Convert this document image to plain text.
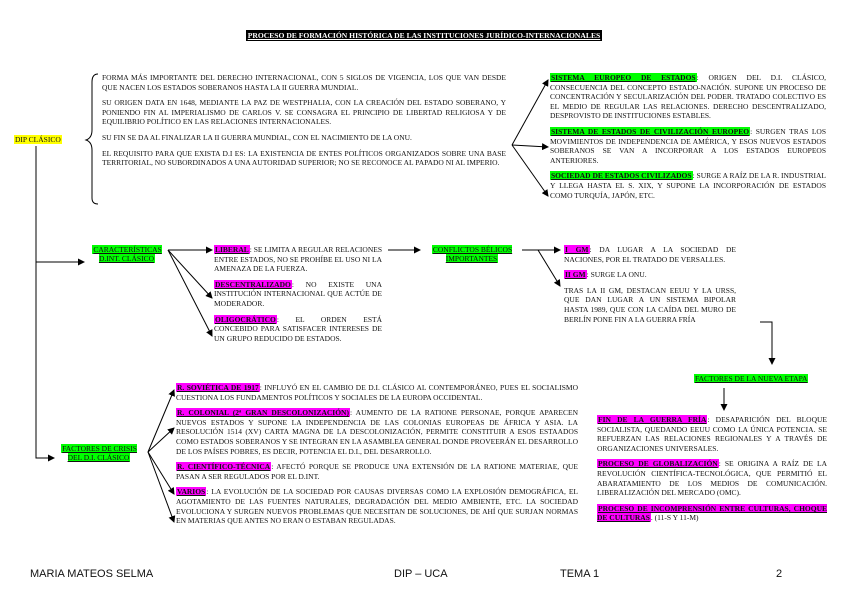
PROCESO DE FORMACIÓN HISTÓRICA DE LAS INSTITUCIONES JURÍDICO-INTERNACIONALES
DIP CLÁSICO

FORMA MÁS IMPORTANTE DEL DERECHO INTERNACIONAL, CON 5 SIGLOS DE VIGENCIA, LOS QUE VAN DESDE QUE NACEN LOS ESTADOS SOBERANOS HASTA LA II GUERRA MUNDIAL.

SU ORIGEN DATA EN 1648, MEDIANTE LA PAZ DE WESTPHALIA, CON LA CREACIÓN DEL ESTADO SOBERANO, Y PONIENDO FIN AL IMPERIALISMO DE CARLOS V. SE CONSAGRA EL PRINCIPIO DE LIBERTAD RELIGIOSA Y DE EQUILIBRIO POLÍTICO EN LAS RELACIONES INTERNACIONALES.

SU FIN SE DA AL FINALIZAR LA II GUERRA MUNDIAL, CON EL NACIMIENTO DE LA ONU.

EL REQUISITO PARA QUE EXISTA D.I ES: LA EXISTENCIA DE ENTES POLÍTICOS ORGANIZADOS SOBRE UNA BASE TERRITORIAL, NO SUBORDINADOS A UNA AUTORIDAD SUPERIOR; NO SE RECONOCE AL PAPADO NI AL IMPERIO.

SISTEMA EUROPEO DE ESTADOS: ORIGEN DEL D.I. CLÁSICO, CONSECUENCIA DEL CONCEPTO ESTADO-NACIÓN. SUPONE UN PROCESO DE CONCENTRACIÓN Y SECULARIZACIÓN DEL PODER. TRATADO COLECTIVO ES EL MEDIO DE REGULAR LAS RELACIONES. DERECHO DESCENTRALIZADO, DESPROVISTO DE INSTITUCIONES ESTABLES.

SISTEMA DE ESTADOS DE CIVILIZACIÓN EUROPEO: SURGEN TRAS LOS MOVIMIENTOS DE INDEPENDENCIA DE AMÉRICA, Y ESOS NUEVOS ESTADOS SOBERANOS SE VAN A INCORPORAR A LOS ESTADOS EUROPEOS ANTERIORES.

SOCIEDAD DE ESTADOS CIVILIZADOS: SURGE A RAÍZ DE LA R. INDUSTRIAL Y LLEGA HASTA EL S. XIX, Y SUPONE LA INCORPORACIÓN DE ESTADOS COMO TURQUÍA, JAPÓN, ETC.

CARACTERÍSTICAS D.INT. CLÁSICO

LIBERAL: SE LIMITA A REGULAR RELACIONES ENTRE ESTADOS, NO SE PROHÍBE EL USO NI LA AMENAZA DE LA FUERZA.

DESCENTRALIZADO: NO EXISTE UNA INSTITUCIÓN INTERNACIONAL QUE ACTÚE DE MODERADOR.

OLIGOCRÁTICO: EL ORDEN ESTÁ CONCEBIDO PARA SATISFACER INTERESES DE UN GRUPO REDUCIDO DE ESTADOS.

CONFLICTOS BÉLICOS IMPORTANTES

I GM: DA LUGAR A LA SOCIEDAD DE NACIONES, POR EL TRATADO DE VERSALLES.

II GM: SURGE LA ONU.

TRAS LA II GM, DESTACAN EEUU Y LA URSS, QUE DAN LUGAR A UN SISTEMA BIPOLAR HASTA 1989, QUE CON LA CAÍDA DEL MURO DE BERLÍN PONE FIN A LA GUERRA FRÍA

FACTORES DE LA NUEVA ETAPA

FIN DE LA GUERRA FRÍA: DESAPARICIÓN DEL BLOQUE SOCIALISTA, QUEDANDO EEUU COMO LA ÚNICA POTENCIA. SE REFUERZAN LAS RELACIONES REGIONALES Y A TRAVÉS DE ORGANIZACIONES UNIVERSALES.

PROCESO DE GLOBALIZACIÓN: SE ORIGINA A RAÍZ DE LA REVOLUCIÓN CIENTÍFICA-TECNOLÓGICA, QUE PERMITIÓ EL ABARATAMIENTO DE LOS MEDIOS DE COMUNICACIÓN. LIBERALIZACIÓN DEL MERCADO (OMC).

PROCESO DE INCOMPRENSIÓN ENTRE CULTURAS, CHOQUE DE CULTURAS. (11-S Y 11-M)

FACTORES DE CRISIS DEL D.I. CLÁSICO

R. SOVIÉTICA DE 1917: INFLUYÓ EN EL CAMBIO DE D.I. CLÁSICO AL CONTEMPORÁNEO, PUES EL SOCIALISMO CUESTIONA LOS FUNDAMENTOS POLÍTICOS Y SOCIALES DE LA EUROPA OCCIDENTAL.

R. COLONIAL (2ª GRAN DESCOLONIZACIÓN): AUMENTO DE LA RATIONE PERSONAE, PORQUE APARECEN NUEVOS ESTADOS Y SUPONE LA INDEPENDENCIA DE LAS COLONIAS EUROPEAS DE ÁFRICA Y ASIA. LA RESOLUCIÓN 1514 (XV) CARTA MAGNA DE LA DESCOLONIZACIÓN, PERMITE CONSTITUIR A ESOS ESTAADOS COMO ESTADOS SOBERANOS Y SE INTEGRAN EN LA ASAMBLEA GENERAL DONDE PROVEERÁN EL DESARROLLO DE LOS PAÍSES POBRES, ES DECIR, POTENCIA EL D.I., DEL DESARROLLO.

R. CIENTÍFICO-TÉCNICA: AFECTÓ PORQUE SE PRODUCE UNA EXTENSIÓN DE LA RATIONE MATERIAE, QUE PASAN A SER REGULADOS POR EL D.INT.

VARIOS: LA EVOLUCIÓN DE LA SOCIEDAD POR CAUSAS DIVERSAS COMO LA EXPLOSIÓN DEMOGRÁFICA, EL AGOTAMIENTO DE LAS FUENTES NATURALES, DEGRADACIÓN DEL MEDIO AMBIENTE, ETC. LA SOCIEDAD EVOLUCIONA Y SURGEN NUEVOS PROBLEMAS QUE NECESITAN DE SOLUCIONES, DE AHÍ QUE SURJAN NORMAS EN MATERIAS QUE ANTES NO ERAN O ESTABAN REGULADAS.

MARIA MATEOS SELMA	DIP – UCA	TEMA 1	2
